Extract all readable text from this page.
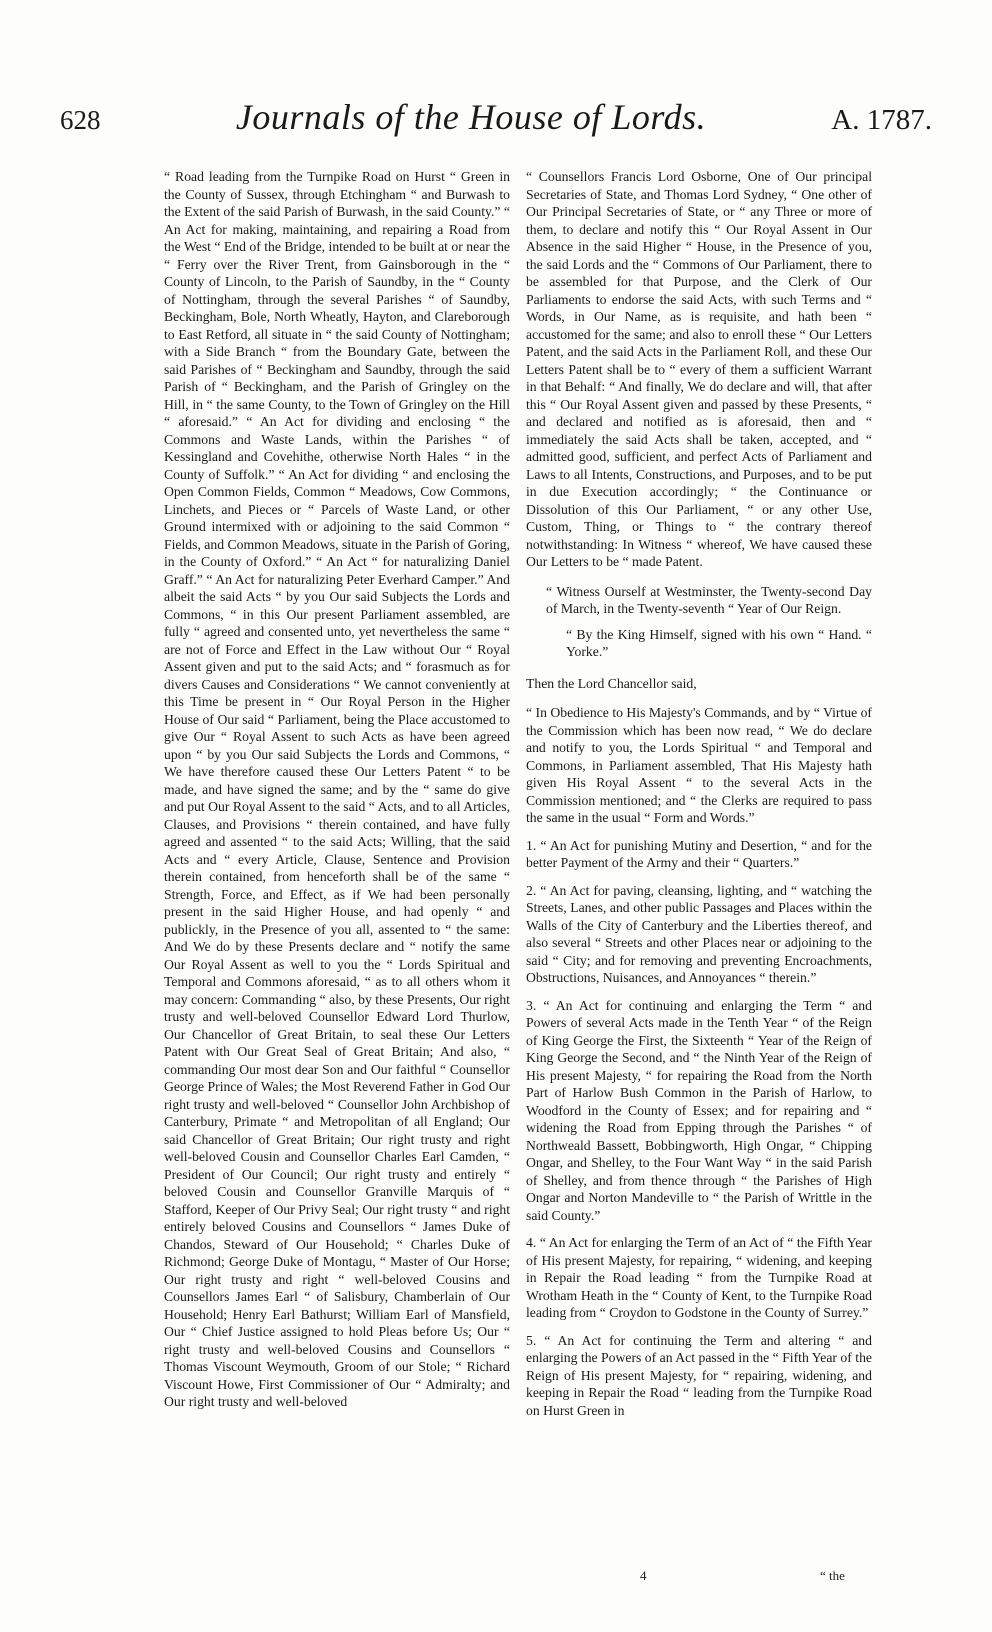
628	Journals of the House of Lords.	A. 1787.

“ Road leading from the Turnpike Road on Hurst “ Green in the County of Sussex, through Etchingham “ and Burwash to the Extent of the said Parish of Burwash, in the said County.” “ An Act for making, maintaining, and repairing a Road from the West “ End of the Bridge, intended to be built at or near the “ Ferry over the River Trent, from Gainsborough in the “ County of Lincoln, to the Parish of Saundby, in the “ County of Nottingham, through the several Parishes “ of Saundby, Beckingham, Bole, North Wheatly, Hayton, and Clareborough to East Retford, all situate in “ the said County of Nottingham; with a Side Branch “ from the Boundary Gate, between the said Parishes of “ Beckingham and Saundby, through the said Parish of “ Beckingham, and the Parish of Gringley on the Hill, in “ the same County, to the Town of Gringley on the Hill “ aforesaid.” “ An Act for dividing and enclosing “ the Commons and Waste Lands, within the Parishes “ of Kessingland and Covehithe, otherwise North Hales “ in the County of Suffolk.” “ An Act for dividing “ and enclosing the Open Common Fields, Common “ Meadows, Cow Commons, Linchets, and Pieces or “ Parcels of Waste Land, or other Ground intermixed with or adjoining to the said Common “ Fields, and Common Meadows, situate in the Parish of Goring, in the County of Oxford.” “ An Act “ for naturalizing Daniel Graff.” “ An Act for naturalizing Peter Everhard Camper.” And albeit the said Acts “ by you Our said Subjects the Lords and Commons, “ in this Our present Parliament assembled, are fully “ agreed and consented unto, yet nevertheless the same “ are not of Force and Effect in the Law without Our “ Royal Assent given and put to the said Acts; and “ forasmuch as for divers Causes and Considerations “ We cannot conveniently at this Time be present in “ Our Royal Person in the Higher House of Our said “ Parliament, being the Place accustomed to give Our “ Royal Assent to such Acts as have been agreed upon “ by you Our said Subjects the Lords and Commons, “ We have therefore caused these Our Letters Patent “ to be made, and have signed the same; and by the “ same do give and put Our Royal Assent to the said “ Acts, and to all Articles, Clauses, and Provisions “ therein contained, and have fully agreed and assented “ to the said Acts; Willing, that the said Acts and “ every Article, Clause, Sentence and Provision therein contained, from henceforth shall be of the same “ Strength, Force, and Effect, as if We had been personally present in the said Higher House, and had openly “ and publickly, in the Presence of you all, assented to “ the same: And We do by these Presents declare and “ notify the same Our Royal Assent as well to you the “ Lords Spiritual and Temporal and Commons aforesaid, “ as to all others whom it may concern: Commanding “ also, by these Presents, Our right trusty and well-beloved Counsellor Edward Lord Thurlow, Our Chancellor of Great Britain, to seal these Our Letters Patent with Our Great Seal of Great Britain; And also, “ commanding Our most dear Son and Our faithful “ Counsellor George Prince of Wales; the Most Reverend Father in God Our right trusty and well-beloved “ Counsellor John Archbishop of Canterbury, Primate “ and Metropolitan of all England; Our said Chancellor of Great Britain; Our right trusty and right well-beloved Cousin and Counsellor Charles Earl Camden, “ President of Our Council; Our right trusty and entirely “ beloved Cousin and Counsellor Granville Marquis of “ Stafford, Keeper of Our Privy Seal; Our right trusty “ and right entirely beloved Cousins and Counsellors “ James Duke of Chandos, Steward of Our Household; “ Charles Duke of Richmond; George Duke of Montagu, “ Master of Our Horse; Our right trusty and right “ well-beloved Cousins and Counsellors James Earl “ of Salisbury, Chamberlain of Our Household; Henry Earl Bathurst; William Earl of Mansfield, Our “ Chief Justice assigned to hold Pleas before Us; Our “ right trusty and well-beloved Cousins and Counsellors “ Thomas Viscount Weymouth, Groom of our Stole; “ Richard Viscount Howe, First Commissioner of Our “ Admiralty; and Our right trusty and well-beloved

“ Counsellors Francis Lord Osborne, One of Our principal Secretaries of State, and Thomas Lord Sydney, “ One other of Our Principal Secretaries of State, or “ any Three or more of them, to declare and notify this “ Our Royal Assent in Our Absence in the said Higher “ House, in the Presence of you, the said Lords and the “ Commons of Our Parliament, there to be assembled for that Purpose, and the Clerk of Our Parliaments to endorse the said Acts, with such Terms and “ Words, in Our Name, as is requisite, and hath been “ accustomed for the same; and also to enroll these “ Our Letters Patent, and the said Acts in the Parliament Roll, and these Our Letters Patent shall be to “ every of them a sufficient Warrant in that Behalf: “ And finally, We do declare and will, that after this “ Our Royal Assent given and passed by these Presents, “ and declared and notified as is aforesaid, then and “ immediately the said Acts shall be taken, accepted, and “ admitted good, sufficient, and perfect Acts of Parliament and Laws to all Intents, Constructions, and Purposes, and to be put in due Execution accordingly; “ the Continuance or Dissolution of this Our Parliament, “ or any other Use, Custom, Thing, or Things to “ the contrary thereof notwithstanding: In Witness “ whereof, We have caused these Our Letters to be “ made Patent.

“ Witness Ourself at Westminster, the Twenty-second Day of March, in the Twenty-seventh “ Year of Our Reign.

“ By the King Himself, signed with his own “ Hand. “ Yorke.”

Then the Lord Chancellor said,

“ In Obedience to His Majesty's Commands, and by “ Virtue of the Commission which has been now read, “ We do declare and notify to you, the Lords Spiritual “ and Temporal and Commons, in Parliament assembled, That His Majesty hath given His Royal Assent “ to the several Acts in the Commission mentioned; and “ the Clerks are required to pass the same in the usual “ Form and Words.”

1. “ An Act for punishing Mutiny and Desertion, “ and for the better Payment of the Army and their “ Quarters.”

2. “ An Act for paving, cleansing, lighting, and “ watching the Streets, Lanes, and other public Passages and Places within the Walls of the City of Canterbury and the Liberties thereof, and also several “ Streets and other Places near or adjoining to the said “ City; and for removing and preventing Encroachments, Obstructions, Nuisances, and Annoyances “ therein.”

3. “ An Act for continuing and enlarging the Term “ and Powers of several Acts made in the Tenth Year “ of the Reign of King George the First, the Sixteenth “ Year of the Reign of King George the Second, and “ the Ninth Year of the Reign of His present Majesty, “ for repairing the Road from the North Part of Harlow Bush Common in the Parish of Harlow, to Woodford in the County of Essex; and for repairing and “ widening the Road from Epping through the Parishes “ of Northweald Bassett, Bobbingworth, High Ongar, “ Chipping Ongar, and Shelley, to the Four Want Way “ in the said Parish of Shelley, and from thence through “ the Parishes of High Ongar and Norton Mandeville to “ the Parish of Writtle in the said County.”

4. “ An Act for enlarging the Term of an Act of “ the Fifth Year of His present Majesty, for repairing, “ widening, and keeping in Repair the Road leading “ from the Turnpike Road at Wrotham Heath in the “ County of Kent, to the Turnpike Road leading from “ Croydon to Godstone in the County of Surrey.”

5. “ An Act for continuing the Term and altering “ and enlarging the Powers of an Act passed in the “ Fifth Year of the Reign of His present Majesty, for “ repairing, widening, and keeping in Repair the Road “ leading from the Turnpike Road on Hurst Green in

4	“ the
